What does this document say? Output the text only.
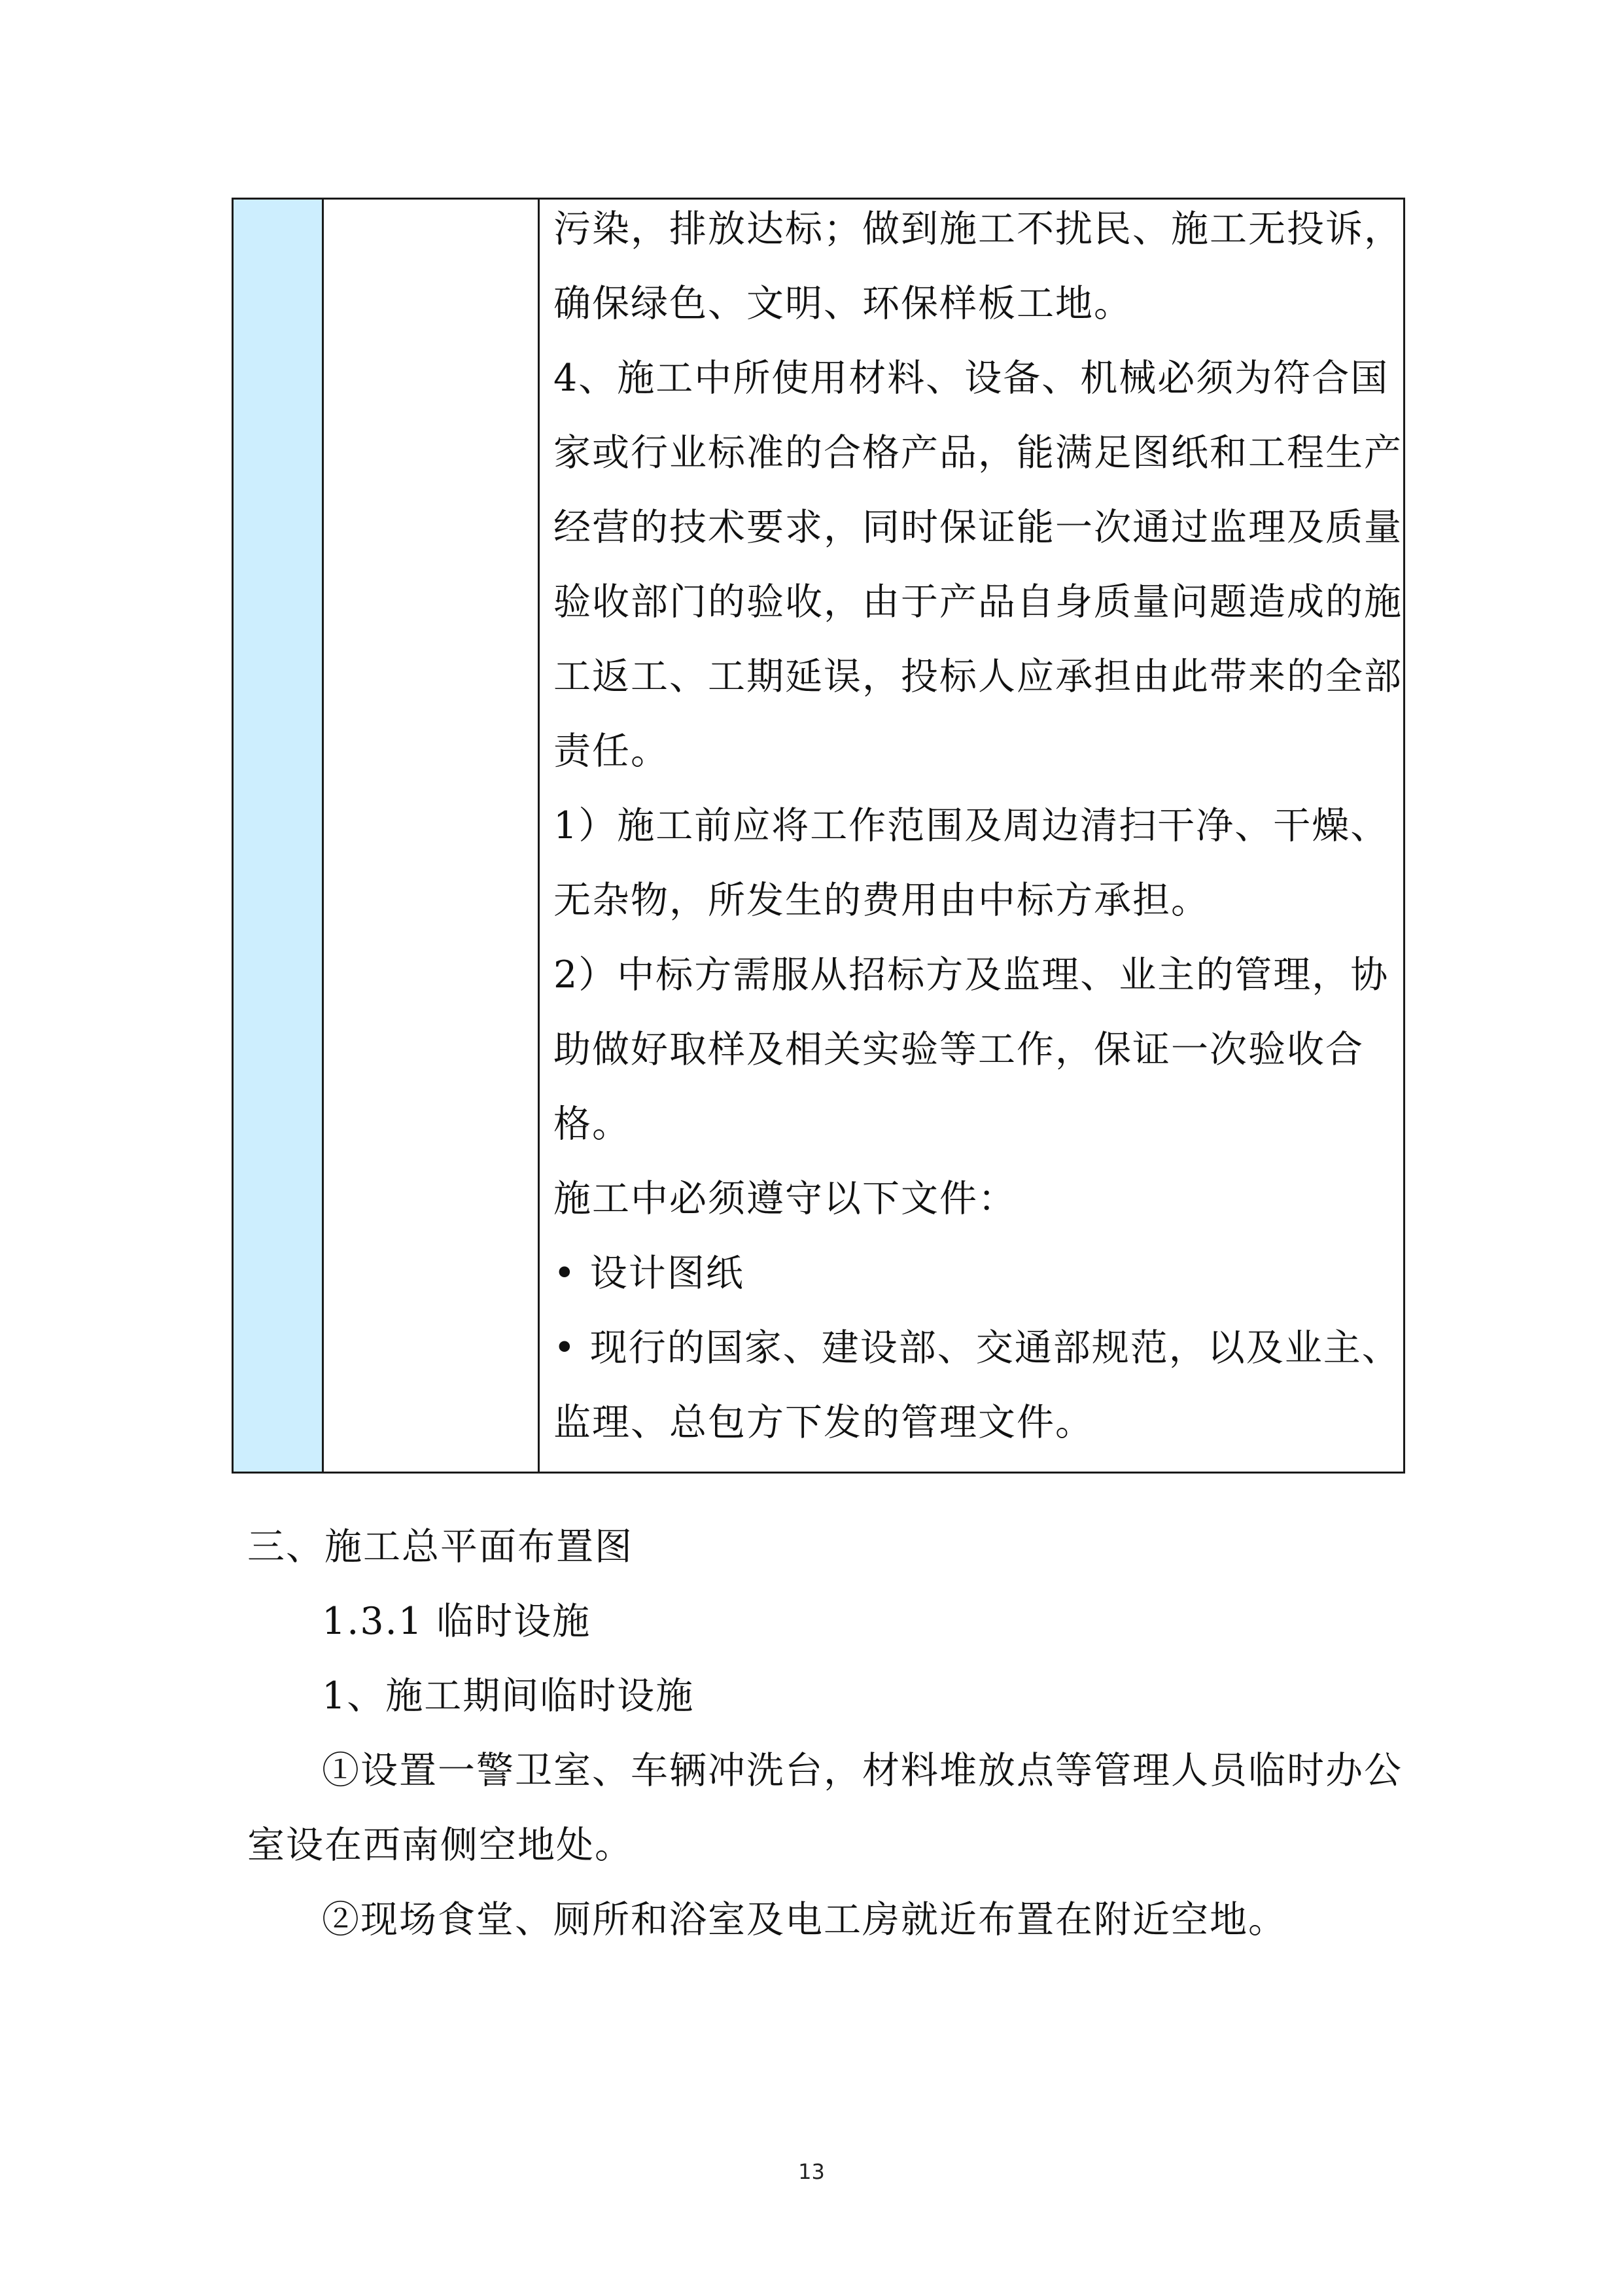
污染，排放达标；做到施工不扰民、施工无投诉，
确保绿色、文明、环保样板工地。
4、施工中所使用材料、设备、机械必须为符合国
家或行业标准的合格产品，能满足图纸和工程生产
经营的技术要求，同时保证能一次通过监理及质量
验收部门的验收，由于产品自身质量问题造成的施
工返工、工期延误，投标人应承担由此带来的全部
责任。
1）施工前应将工作范围及周边清扫干净、干燥、
无杂物，所发生的费用由中标方承担。
2）中标方需服从招标方及监理、业主的管理，协
助做好取样及相关实验等工作，保证一次验收合
格。
施工中必须遵守以下文件：
• 设计图纸
• 现行的国家、建设部、交通部规范，以及业主、
监理、总包方下发的管理文件。
三、施工总平面布置图
1.3.1 临时设施
1、施工期间临时设施
①设置一警卫室、车辆冲洗台，材料堆放点等管理人员临时办公
室设在西南侧空地处。
②现场食堂、厕所和浴室及电工房就近布置在附近空地。
13
